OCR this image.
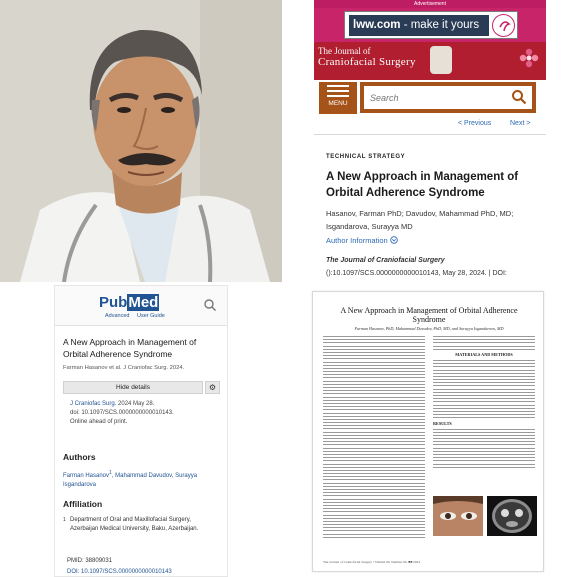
Advertisement
lww.com - make it yours
The Journal of
Craniofacial Surgery
MENU
Search
< Previous	Next >
TECHNICAL STRATEGY
A New Approach in Management of Orbital Adherence Syndrome
Hasanov, Farman PhD; Davudov, Mahammad PhD, MD; Isgandarova, Surayya MD
Author Information
The Journal of Craniofacial Surgery
():10.1097/SCS.0000000000010143, May 28, 2024. | DOI:
PubMed
Advanced User Guide
A New Approach in Management of Orbital Adherence Syndrome
Farman Hasanov et al. J Craniofac Surg. 2024.
Hide details	⚙
J Craniofac Surg. 2024 May 28.
doi: 10.1097/SCS.0000000000010143.
Online ahead of print.
Authors
Farman Hasanov$^1$, Mahammad Davudov, Surayya Isgandarova
Affiliation
1 Department of Oral and Maxillofacial Surgery, Azerbaijan Medical University, Baku, Azerbaijan.
PMID: 38809031
DOI: 10.1097/SCS.0000000000010143
A New Approach in Management of Orbital Adherence Syndrome
Farman Hasanov, PhD, Mahammad Davudov, PhD, MD, and Surayya Isgandarova, MD
MATERIALS AND METHODS
RESULTS
The Journal of Craniofacial Surgery • Volume 00, Number 00, ■■ 2024
